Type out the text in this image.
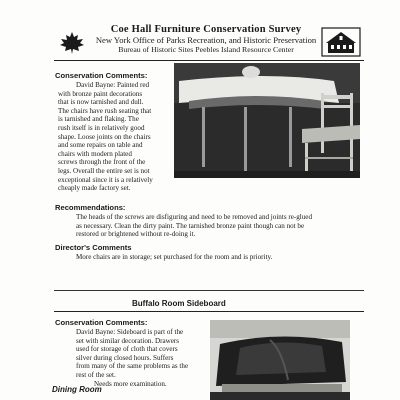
Coe Hall Furniture Conservation Survey
New York Office of Parks Recreation, and Historic Preservation
Bureau of Historic Sites Peebles Island Resource Center
Conservation Comments:
David Bayne: Painted red
with bronze paint decorations
that is now tarnished and dull.
The chairs have rush seating that
is tarnished and flaking. The
rush itself is in relatively good
shape. Loose joints on the chairs
and some repairs on table and
chairs with modern plated
screws through the front of the
legs. Overall the entire set is not
exceptional since it is a relatively
cheaply made factory set.
Recommendations:
The heads of the screws are disfiguring and need to be removed and joints re-glued
as necessary. Clean the dirty paint. The tarnished bronze paint though can not be
restored or brightened without re-doing it.
Director's Comments
More chairs are in storage; set purchased for the room and is priority.
Buffalo Room Sideboard
Conservation Comments:
David Bayne: Sideboard is part of the
set with similar decoration. Drawers
used for storage of cloth that covers
silver during closed hours. Suffers
from many of the same problems as the
rest of the set.
Needs more examination.
Dining Room
